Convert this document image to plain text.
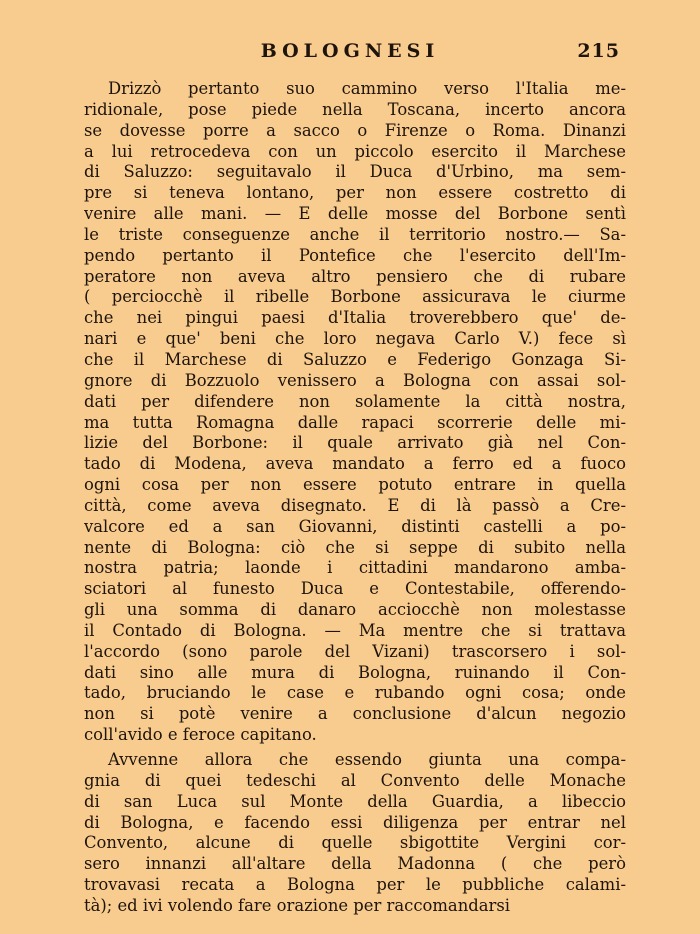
BOLOGNESI	215
Drizzò pertanto suo cammino verso l'Italia me-
ridionale, pose piede nella Toscana, incerto ancora
se dovesse porre a sacco o Firenze o Roma. Dinanzi
a lui retrocedeva con un piccolo esercito il Marchese
di Saluzzo: seguitavalo il Duca d'Urbino, ma sem-
pre si teneva lontano, per non essere costretto di
venire alle mani. — E delle mosse del Borbone sentì
le triste conseguenze anche il territorio nostro.— Sa-
pendo pertanto il Pontefice che l'esercito dell'Im-
peratore non aveva altro pensiero che di rubare
( perciocchè il ribelle Borbone assicurava le ciurme
che nei pingui paesi d'Italia troverebbero que' de-
nari e que' beni che loro negava Carlo V.) fece sì
che il Marchese di Saluzzo e Federigo Gonzaga Si-
gnore di Bozzuolo venissero a Bologna con assai sol-
dati per difendere non solamente la città nostra,
ma tutta Romagna dalle rapaci scorrerie delle mi-
lizie del Borbone: il quale arrivato già nel Con-
tado di Modena, aveva mandato a ferro ed a fuoco
ogni cosa per non essere potuto entrare in quella
città, come aveva disegnato. E di là passò a Cre-
valcore ed a san Giovanni, distinti castelli a po-
nente di Bologna: ciò che si seppe di subito nella
nostra patria; laonde i cittadini mandarono amba-
sciatori al funesto Duca e Contestabile, offerendo-
gli una somma di danaro acciocchè non molestasse
il Contado di Bologna. — Ma mentre che si trattava
l'accordo (sono parole del Vizani) trascorsero i sol-
dati sino alle mura di Bologna, ruinando il Con-
tado, bruciando le case e rubando ogni cosa; onde
non si potè venire a conclusione d'alcun negozio
coll'avido e feroce capitano.
Avvenne allora che essendo giunta una compa-
gnia di quei tedeschi al Convento delle Monache
di san Luca sul Monte della Guardia, a libeccio
di Bologna, e facendo essi diligenza per entrar nel
Convento, alcune di quelle sbigottite Vergini cor-
sero innanzi all'altare della Madonna ( che però
trovavasi recata a Bologna per le pubbliche calami-
tà); ed ivi volendo fare orazione per raccomandarsi
